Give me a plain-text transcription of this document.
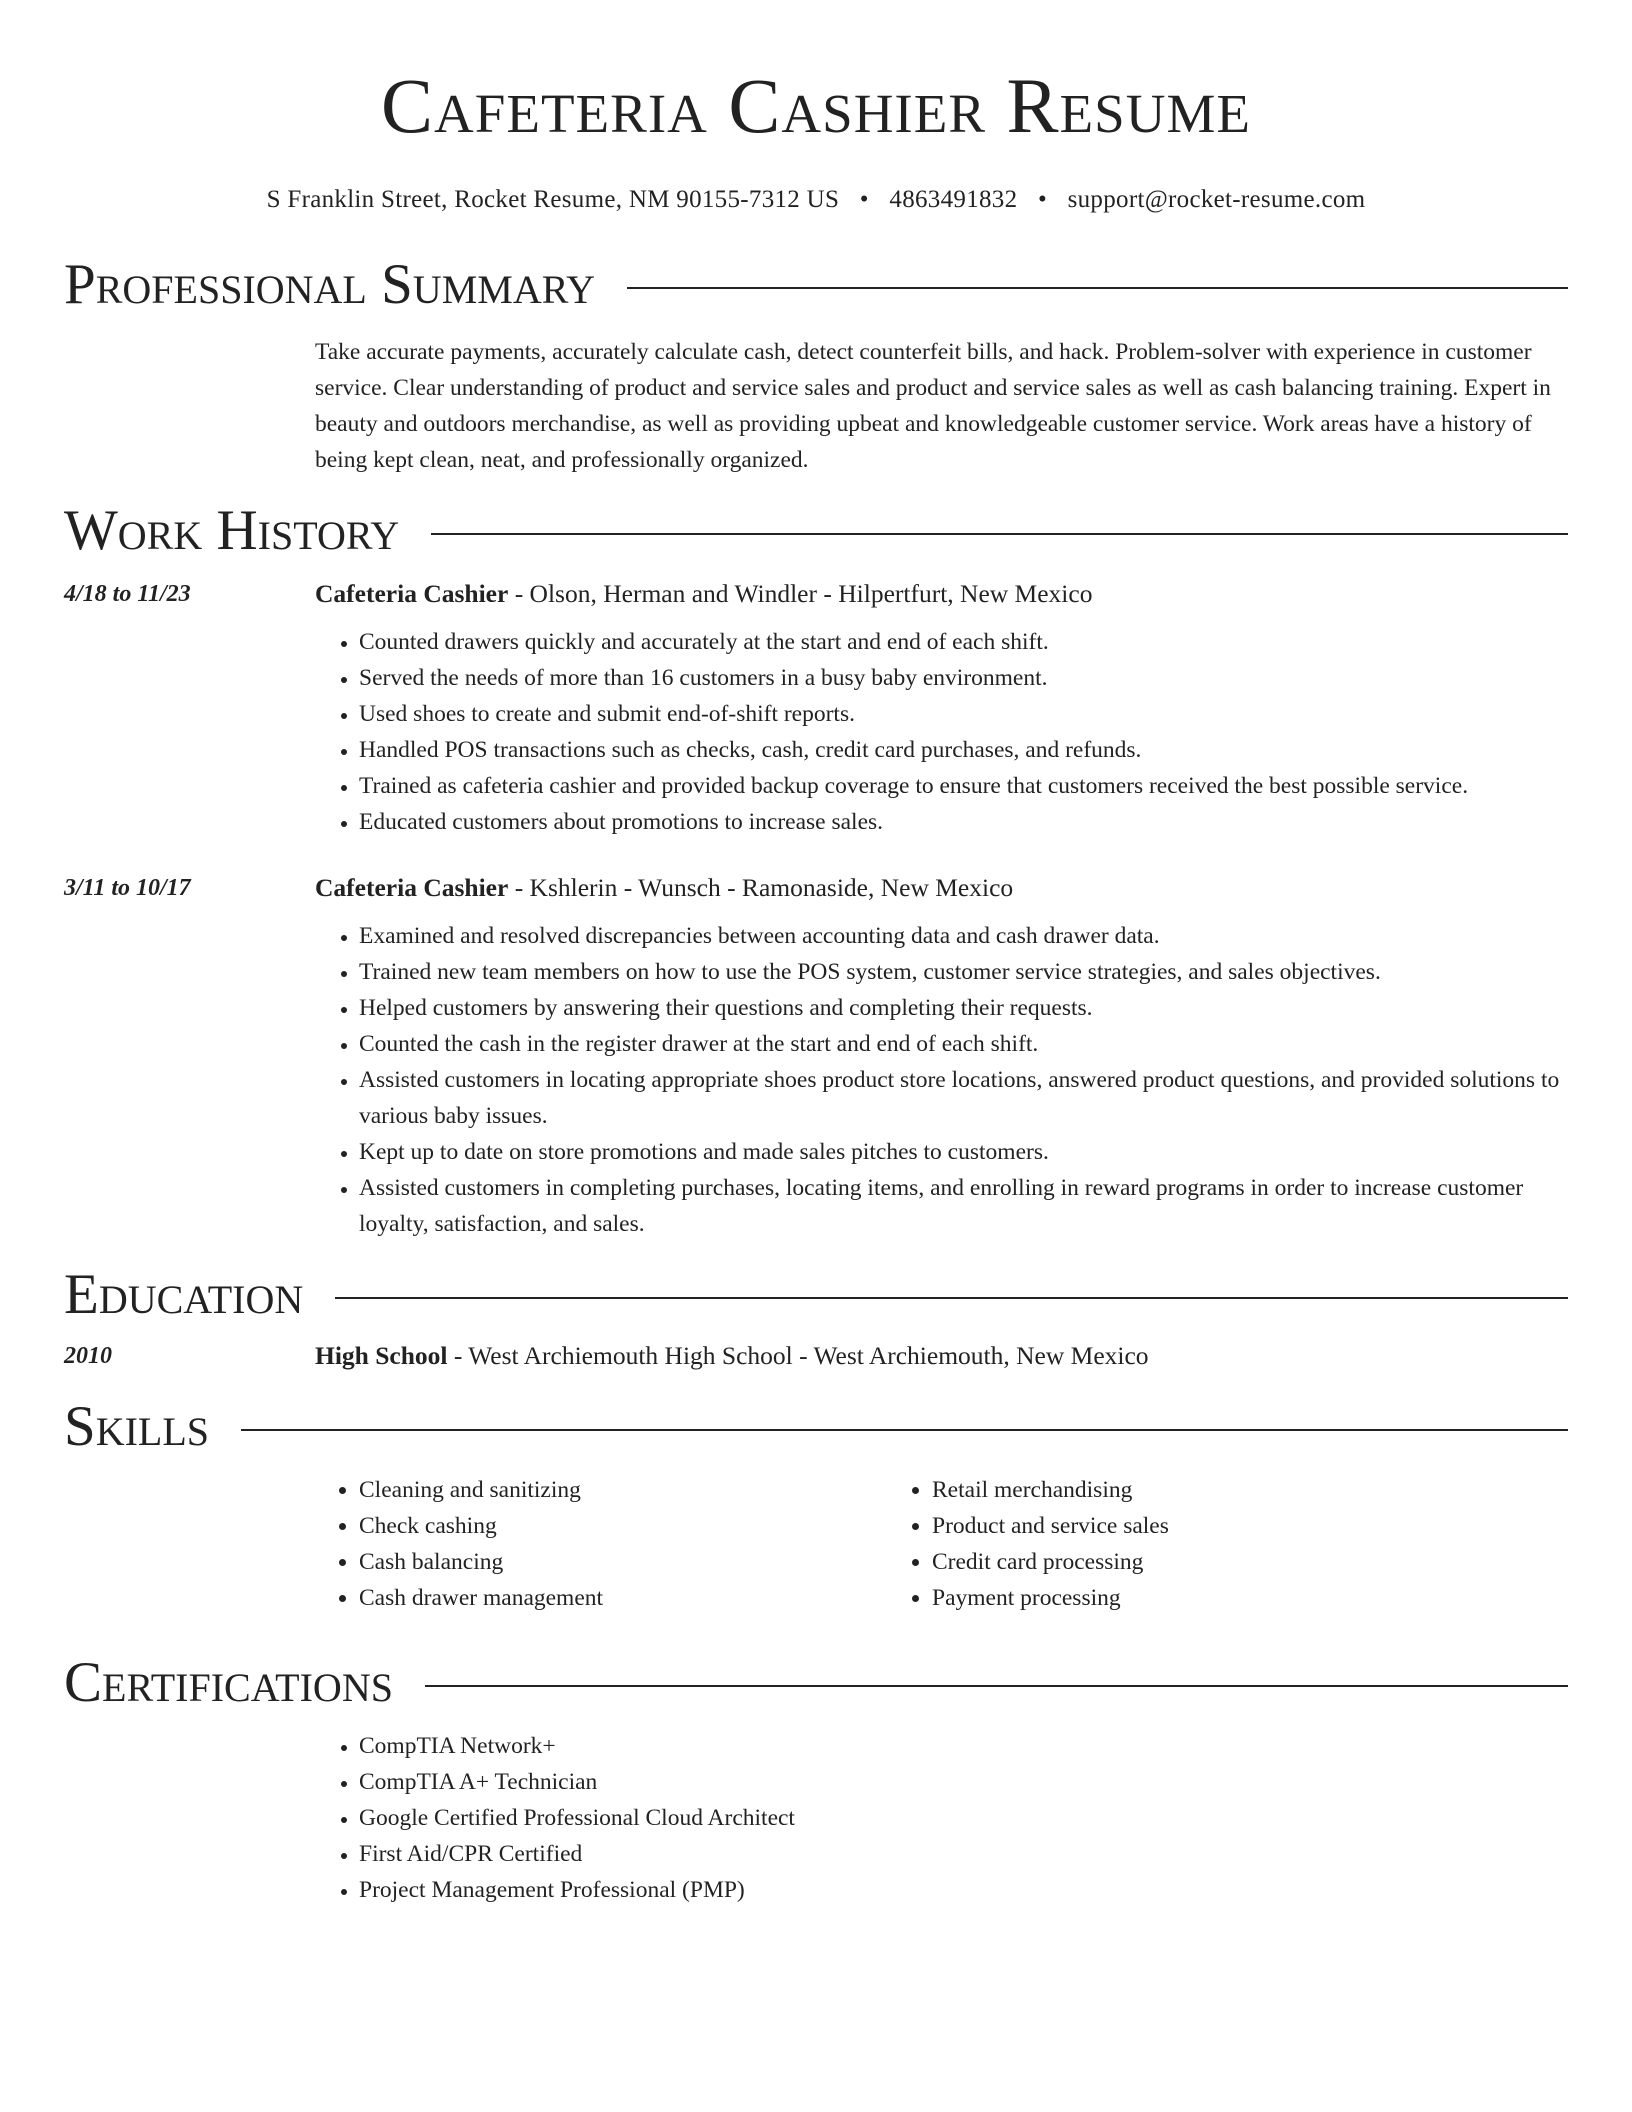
Cafeteria Cashier Resume
S Franklin Street, Rocket Resume, NM 90155-7312 US • 4863491832 • support@rocket-resume.com
Professional Summary
Take accurate payments, accurately calculate cash, detect counterfeit bills, and hack. Problem-solver with experience in customer service. Clear understanding of product and service sales and product and service sales as well as cash balancing training. Expert in beauty and outdoors merchandise, as well as providing upbeat and knowledgeable customer service. Work areas have a history of being kept clean, neat, and professionally organized.
Work History
4/18 to 11/23	Cafeteria Cashier - Olson, Herman and Windler - Hilpertfurt, New Mexico
• Counted drawers quickly and accurately at the start and end of each shift.
• Served the needs of more than 16 customers in a busy baby environment.
• Used shoes to create and submit end-of-shift reports.
• Handled POS transactions such as checks, cash, credit card purchases, and refunds.
• Trained as cafeteria cashier and provided backup coverage to ensure that customers received the best possible service.
• Educated customers about promotions to increase sales.
3/11 to 10/17	Cafeteria Cashier - Kshlerin - Wunsch - Ramonaside, New Mexico
• Examined and resolved discrepancies between accounting data and cash drawer data.
• Trained new team members on how to use the POS system, customer service strategies, and sales objectives.
• Helped customers by answering their questions and completing their requests.
• Counted the cash in the register drawer at the start and end of each shift.
• Assisted customers in locating appropriate shoes product store locations, answered product questions, and provided solutions to various baby issues.
• Kept up to date on store promotions and made sales pitches to customers.
• Assisted customers in completing purchases, locating items, and enrolling in reward programs in order to increase customer loyalty, satisfaction, and sales.
Education
2010	High School - West Archiemouth High School - West Archiemouth, New Mexico
Skills
• Cleaning and sanitizing
• Check cashing
• Cash balancing
• Cash drawer management
• Retail merchandising
• Product and service sales
• Credit card processing
• Payment processing
Certifications
• CompTIA Network+
• CompTIA A+ Technician
• Google Certified Professional Cloud Architect
• First Aid/CPR Certified
• Project Management Professional (PMP)
